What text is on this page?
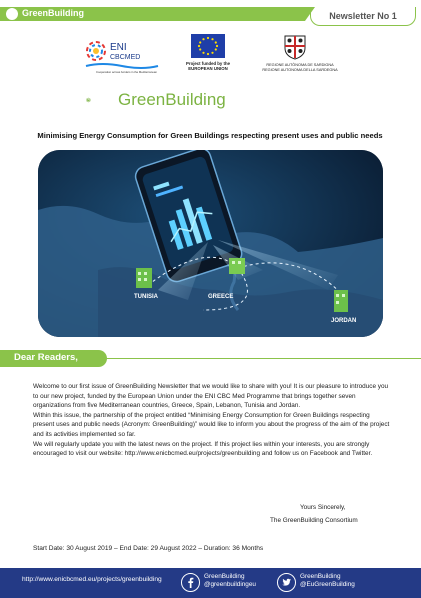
GreenBuilding	Newsletter No 1
ENI
CBCMED
Cooperation across borders in the Mediterranean
Project funded by the
EUROPEAN UNION
REGIONE AUTÒNOMA DE SARDIGNA
REGIONE AUTONOMA DELLA SARDEGNA
GreenBuilding
Minimising Energy Consumption for Green Buildings respecting present uses and public needs
TUNISIA	GREECE
JORDAN
Dear Readers,

Welcome to our first issue of GreenBuilding Newsletter that we would like to share with you! It is our pleasure to introduce you to our new project, funded by the European Union under the ENI CBC Med Programme that brings together seven organizations from five Mediterranean countries, Greece, Spain, Lebanon, Tunisia and Jordan.

Within this issue, the partnership of the project entitled “Minimising Energy Consumption for Green Buildings respecting present uses and public needs (Acronym: GreenBuilding)” would like to inform you about the progress of the aim of the project and its activities implemented so far.

We will regularly update you with the latest news on the project. If this project lies within your interests, you are strongly encouraged to visit our website: http://www.enicbcmed.eu/projects/greenbuilding and follow us on Facebook and Twitter.

Yours Sincerely,
The GreenBuilding Consortium
Start Date: 30 August 2019 – End Date: 29 August 2022 – Duration: 36 Months
http://www.enicbcmed.eu/projects/greenbuilding	GreenBuilding
@greenbuildingeu
GreenBuilding
@EuGreenBuilding
